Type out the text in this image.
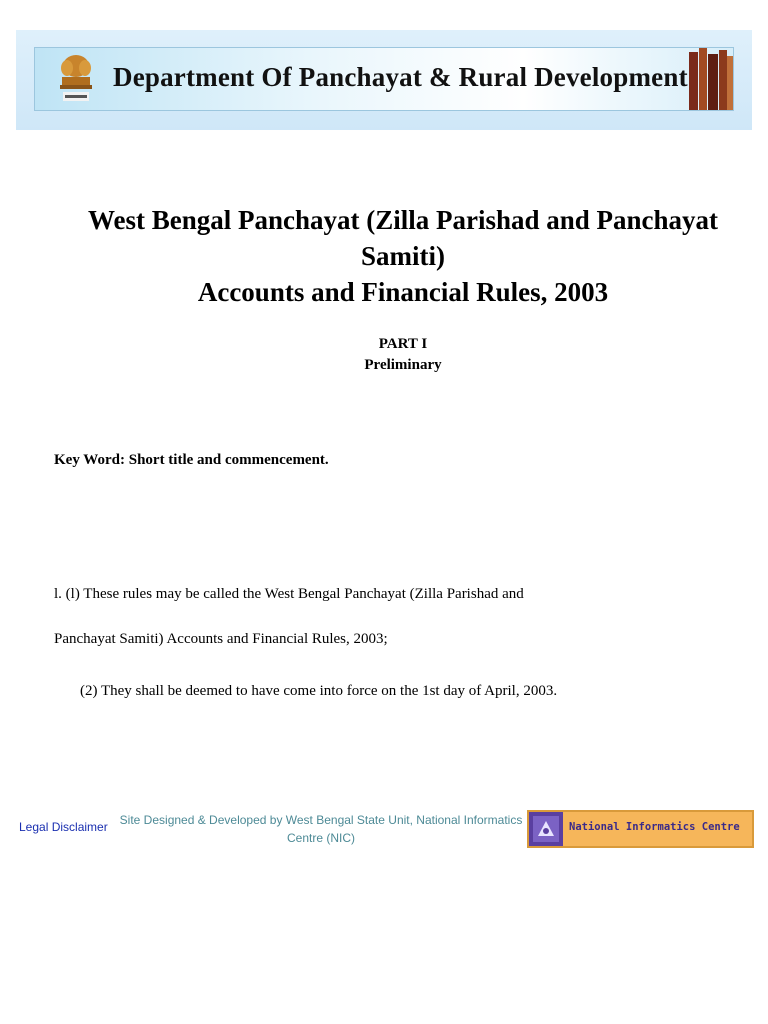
Department Of Panchayat & Rural Development
West Bengal Panchayat (Zilla Parishad and Panchayat
Samiti)
Accounts and Financial Rules, 2003
PART I
Preliminary
Key Word: Short title and commencement.
l. (l) These rules may be called the West Bengal Panchayat (Zilla Parishad and
Panchayat Samiti) Accounts and Financial Rules, 2003;
(2) They shall be deemed to have come into force on the 1st day of April, 2003.
Legal Disclaimer Site Designed & Developed by West Bengal State Unit, National Informatics
Centre (NIC)
National Informatics Centre
